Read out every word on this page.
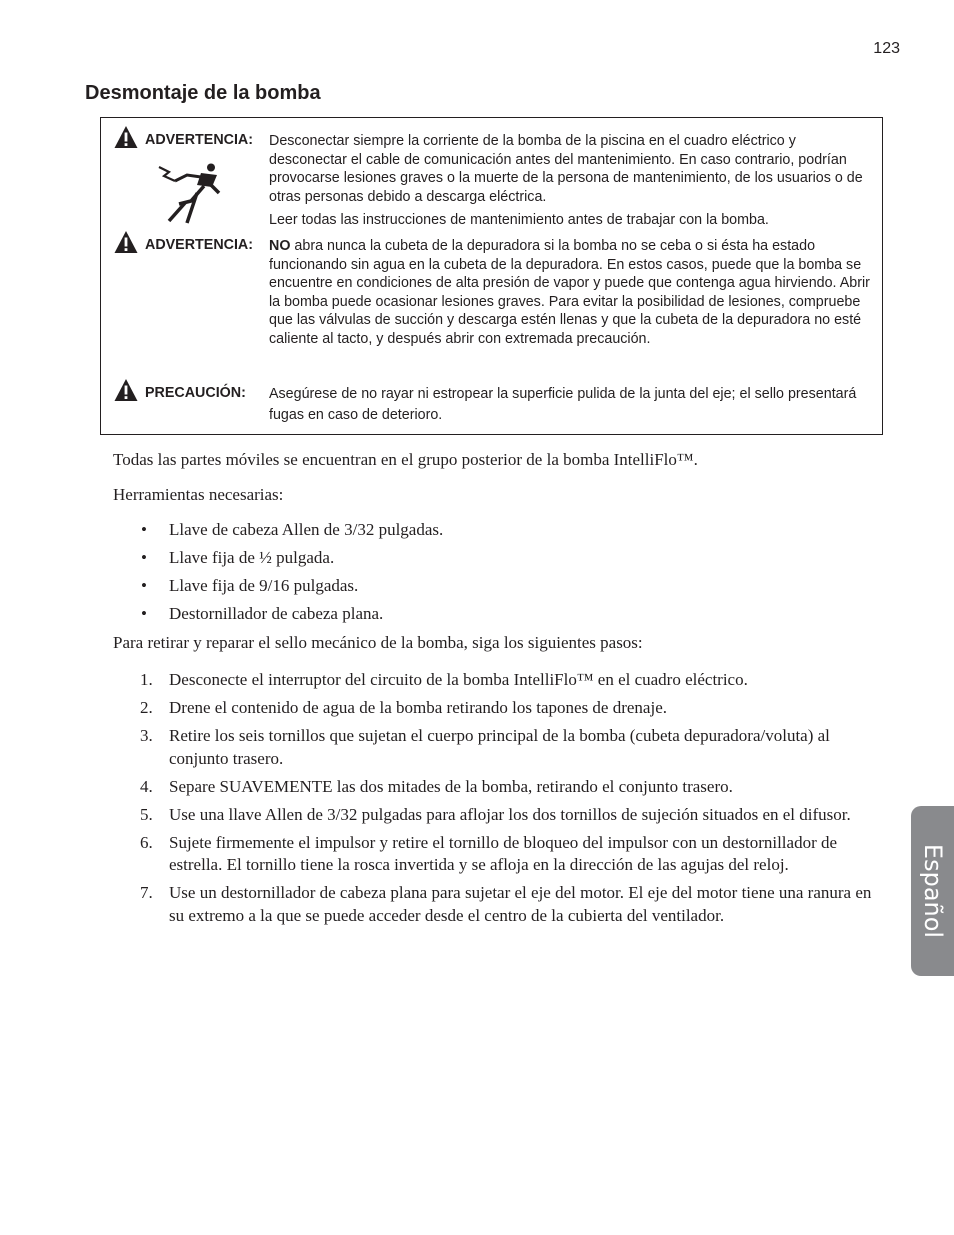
123
Desmontaje de la bomba
ADVERTENCIA: Desconectar siempre la corriente de la bomba de la piscina en el cuadro eléctrico y desconectar el cable de comunicación antes del mantenimiento. En caso contrario, podrían provocarse lesiones graves o la muerte de la persona de mantenimiento, de los usuarios o de otras personas debido a descarga eléctrica.

Leer todas las instrucciones de mantenimiento antes de trabajar con la bomba.

ADVERTENCIA: NO abra nunca la cubeta de la depuradora si la bomba no se ceba o si ésta ha estado funcionando sin agua en la cubeta de la depuradora. En estos casos, puede que la bomba se encuentre en condiciones de alta presión de vapor y puede que contenga agua hirviendo. Abrir la bomba puede ocasionar lesiones graves. Para evitar la posibilidad de lesiones, compruebe que las válvulas de succión y descarga estén llenas y que la cubeta de la depuradora no esté caliente al tacto, y después abrir con extremada precaución.

PRECAUCIÓN: Asegúrese de no rayar ni estropear la superficie pulida de la junta del eje; el sello presentará fugas en caso de deterioro.

Todas las partes móviles se encuentran en el grupo posterior de la bomba IntelliFlo™.

Herramientas necesarias:

• Llave de cabeza Allen de 3/32 pulgadas.
• Llave fija de ½ pulgada.
• Llave fija de 9/16 pulgadas.
• Destornillador de cabeza plana.

Para retirar y reparar el sello mecánico de la bomba, siga los siguientes pasos:

1. Desconecte el interruptor del circuito de la bomba IntelliFlo™ en el cuadro eléctrico.
2. Drene el contenido de agua de la bomba retirando los tapones de drenaje.
3. Retire los seis tornillos que sujetan el cuerpo principal de la bomba (cubeta depuradora/voluta) al conjunto trasero.
4. Separe SUAVEMENTE las dos mitades de la bomba, retirando el conjunto trasero.
5. Use una llave Allen de 3/32 pulgadas para aflojar los dos tornillos de sujeción situados en el difusor.
6. Sujete firmemente el impulsor y retire el tornillo de bloqueo del impulsor con un destornillador de estrella. El tornillo tiene la rosca invertida y se afloja en la dirección de las agujas del reloj.
7. Use un destornillador de cabeza plana para sujetar el eje del motor. El eje del motor tiene una ranura en su extremo a la que se puede acceder desde el centro de la cubierta del ventilador.	Español
